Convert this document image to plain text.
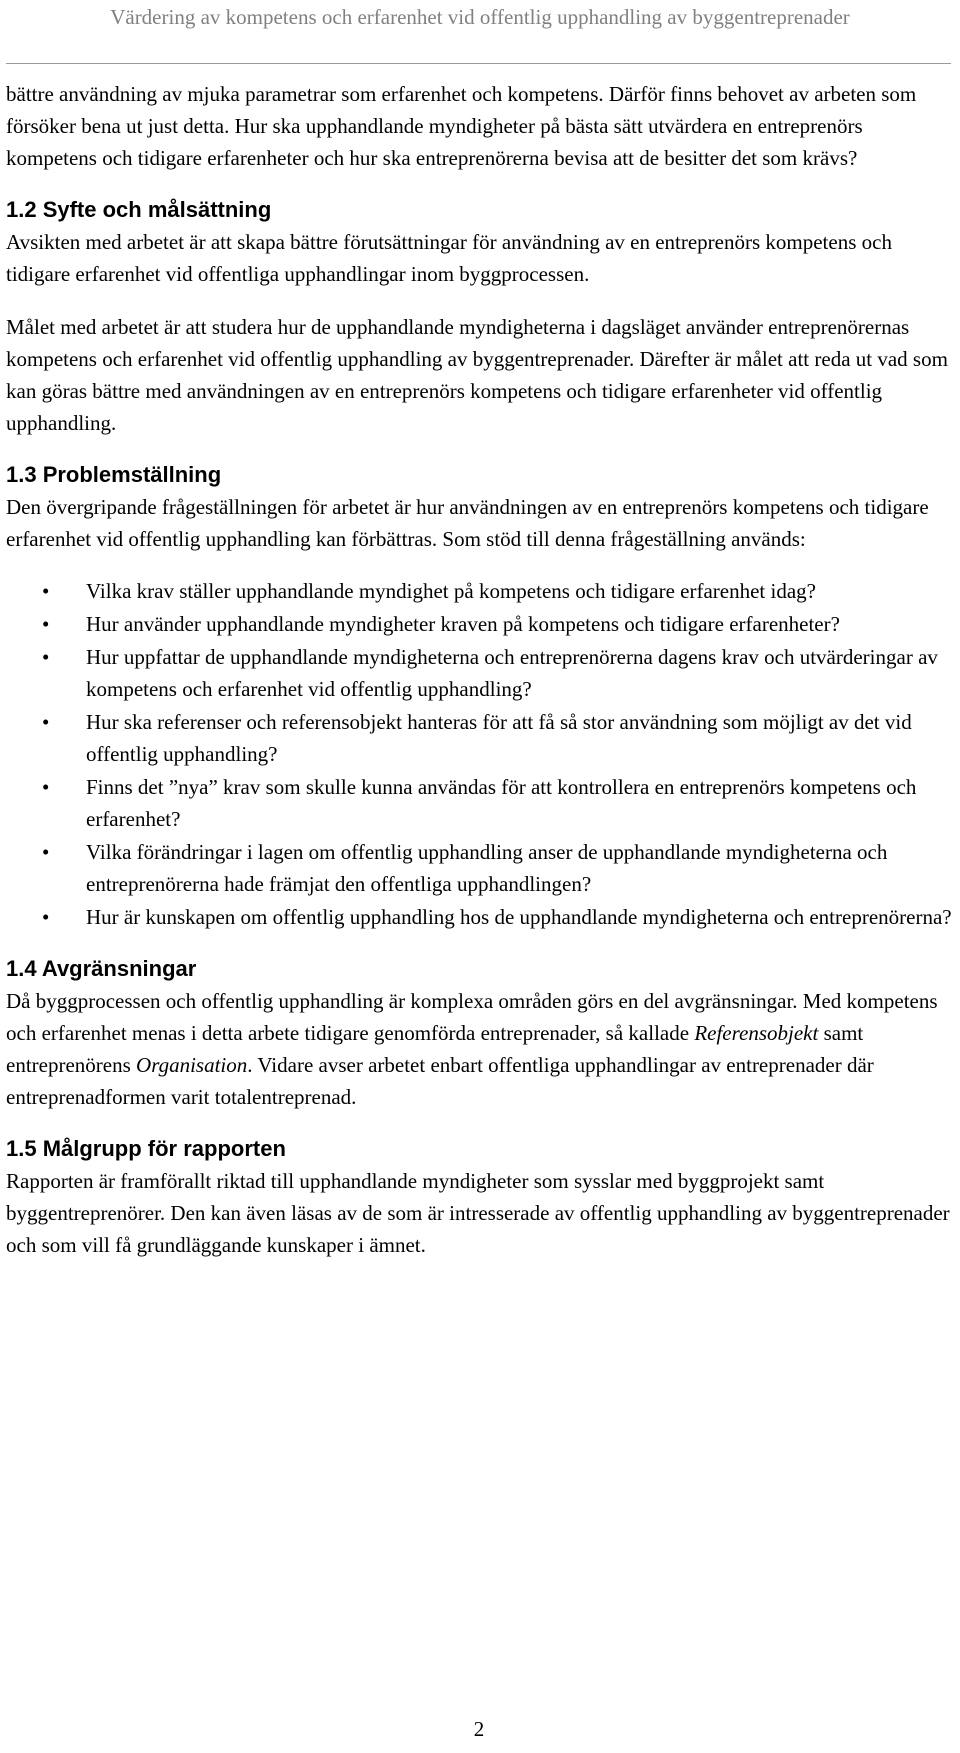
Värdering av kompetens och erfarenhet vid offentlig upphandling av byggentreprenader

bättre användning av mjuka parametrar som erfarenhet och kompetens. Därför finns behovet av arbeten som försöker bena ut just detta. Hur ska upphandlande myndigheter på bästa sätt utvärdera en entreprenörs kompetens och tidigare erfarenheter och hur ska entreprenörerna bevisa att de besitter det som krävs?

1.2 Syfte och målsättning

Avsikten med arbetet är att skapa bättre förutsättningar för användning av en entreprenörs kompetens och tidigare erfarenhet vid offentliga upphandlingar inom byggprocessen.

Målet med arbetet är att studera hur de upphandlande myndigheterna i dagsläget använder entreprenörernas kompetens och erfarenhet vid offentlig upphandling av byggentreprenader. Därefter är målet att reda ut vad som kan göras bättre med användningen av en entreprenörs kompetens och tidigare erfarenheter vid offentlig upphandling.

1.3 Problemställning

Den övergripande frågeställningen för arbetet är hur användningen av en entreprenörs kompetens och tidigare erfarenhet vid offentlig upphandling kan förbättras. Som stöd till denna frågeställning används:

• Vilka krav ställer upphandlande myndighet på kompetens och tidigare erfarenhet idag?
• Hur använder upphandlande myndigheter kraven på kompetens och tidigare erfarenheter?
• Hur uppfattar de upphandlande myndigheterna och entreprenörerna dagens krav och utvärderingar av kompetens och erfarenhet vid offentlig upphandling?
• Hur ska referenser och referensobjekt hanteras för att få så stor användning som möjligt av det vid offentlig upphandling?
• Finns det ”nya” krav som skulle kunna användas för att kontrollera en entreprenörs kompetens och erfarenhet?
• Vilka förändringar i lagen om offentlig upphandling anser de upphandlande myndigheterna och entreprenörerna hade främjat den offentliga upphandlingen?
• Hur är kunskapen om offentlig upphandling hos de upphandlande myndigheterna och entreprenörerna?
1.4 Avgränsningar

Då byggprocessen och offentlig upphandling är komplexa områden görs en del avgränsningar. Med kompetens och erfarenhet menas i detta arbete tidigare genomförda entreprenader, så kallade Referensobjekt samt entreprenörens Organisation. Vidare avser arbetet enbart offentliga upphandlingar av entreprenader där entreprenadformen varit totalentreprenad.

1.5 Målgrupp för rapporten

Rapporten är framförallt riktad till upphandlande myndigheter som sysslar med byggprojekt samt byggentreprenörer. Den kan även läsas av de som är intresserade av offentlig upphandling av byggentreprenader och som vill få grundläggande kunskaper i ämnet.

2
